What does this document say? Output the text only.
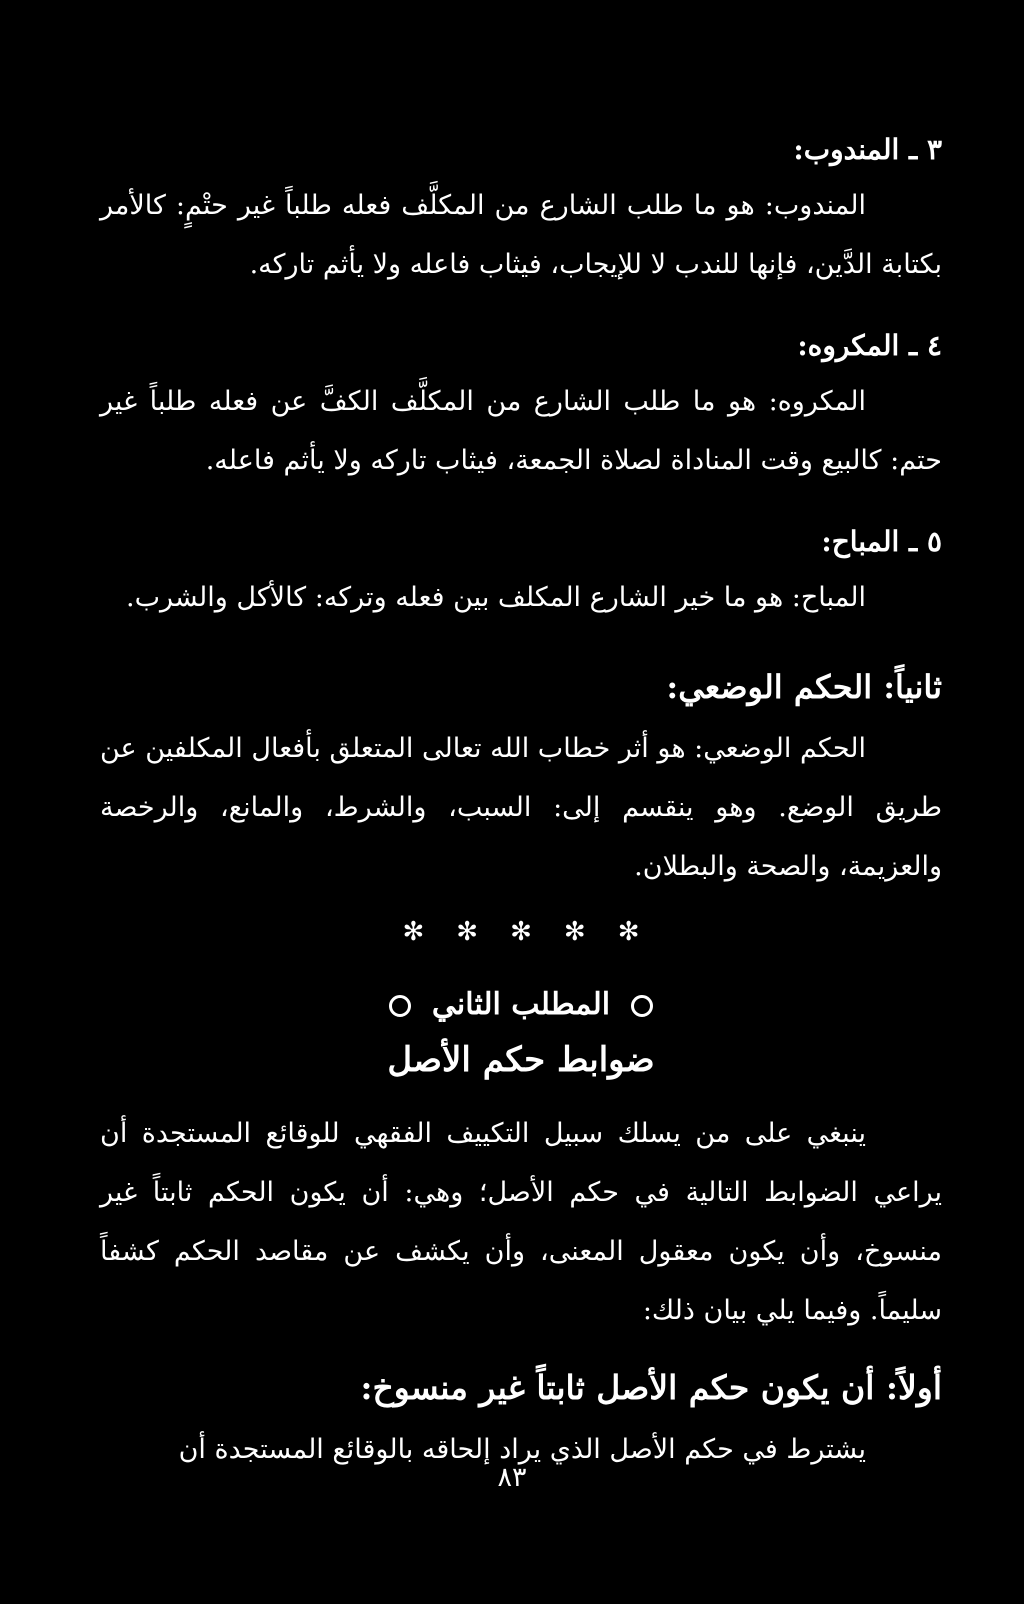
٣ ـ المندوب:

المندوب: هو ما طلب الشارع من المكلَّف فعله طلباً غير حتْمٍ: كالأمر بكتابة الدَّين، فإنها للندب لا للإيجاب، فيثاب فاعله ولا يأثم تاركه.

٤ ـ المكروه:

المكروه: هو ما طلب الشارع من المكلَّف الكفَّ عن فعله طلباً غير حتم: كالبيع وقت المناداة لصلاة الجمعة، فيثاب تاركه ولا يأثم فاعله.

٥ ـ المباح:

المباح: هو ما خير الشارع المكلف بين فعله وتركه: كالأكل والشرب.

ثانياً: الحكم الوضعي:

الحكم الوضعي: هو أثر خطاب الله تعالى المتعلق بأفعال المكلفين عن طريق الوضع. وهو ينقسم إلى: السبب، والشرط، والمانع، والرخصة والعزيمة، والصحة والبطلان.

✻ ✻ ✻ ✻ ✻
المطلب الثاني
ضوابط حكم الأصل

ينبغي على من يسلك سبيل التكييف الفقهي للوقائع المستجدة أن يراعي الضوابط التالية في حكم الأصل؛ وهي: أن يكون الحكم ثابتاً غير منسوخ، وأن يكون معقول المعنى، وأن يكشف عن مقاصد الحكم كشفاً سليماً. وفيما يلي بيان ذلك:

أولاً: أن يكون حكم الأصل ثابتاً غير منسوخ:

يشترط في حكم الأصل الذي يراد إلحاقه بالوقائع المستجدة أن

٨٣
